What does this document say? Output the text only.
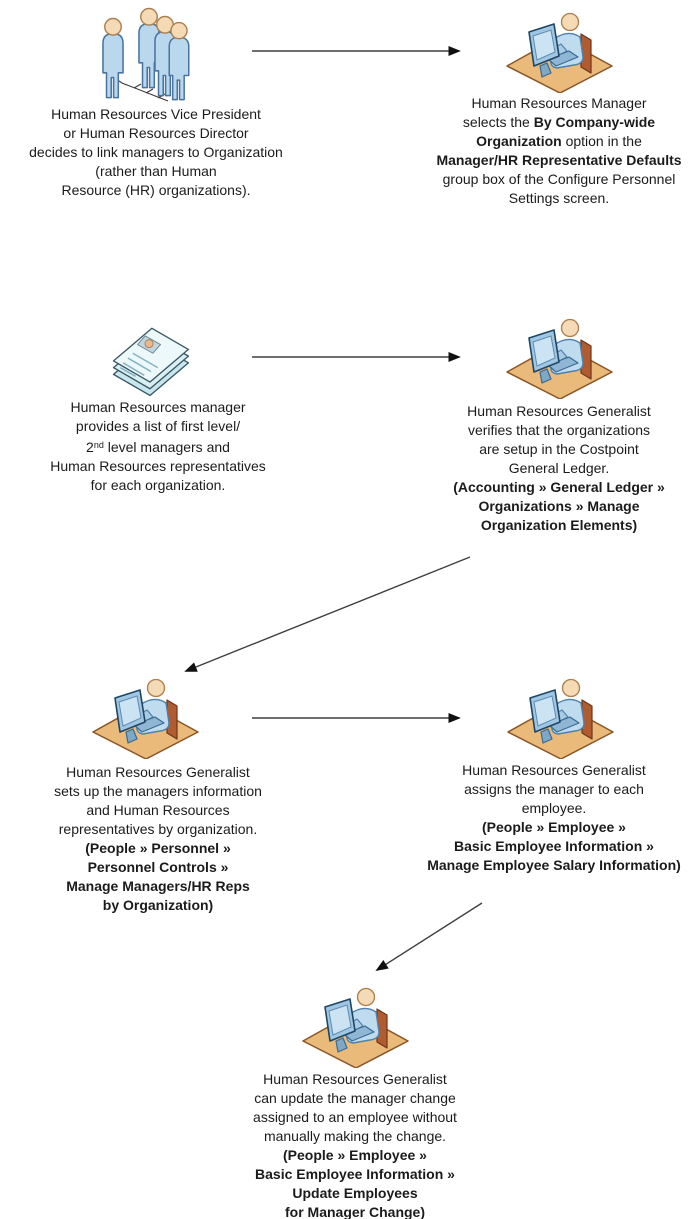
Human Resources Vice President
or Human Resources Director
decides to link managers to Organization
(rather than Human
Resource (HR) organizations).
Human Resources Manager
selects the By Company-wide
Organization option in the
Manager/HR Representative Defaults
group box of the Configure Personnel
Settings screen.
Human Resources manager
provides a list of first level/
2nd level managers and
Human Resources representatives
for each organization.
Human Resources Generalist
verifies that the organizations
are setup in the Costpoint
General Ledger.
(Accounting » General Ledger »
Organizations » Manage
Organization Elements)
Human Resources Generalist
sets up the managers information
and Human Resources
representatives by organization.
(People » Personnel »
Personnel Controls »
Manage Managers/HR Reps
by Organization)
Human Resources Generalist
assigns the manager to each
employee.
(People » Employee »
Basic Employee Information »
Manage Employee Salary Information)
Human Resources Generalist
can update the manager change
assigned to an employee without
manually making the change.
(People » Employee »
Basic Employee Information »
Update Employees
for Manager Change)
